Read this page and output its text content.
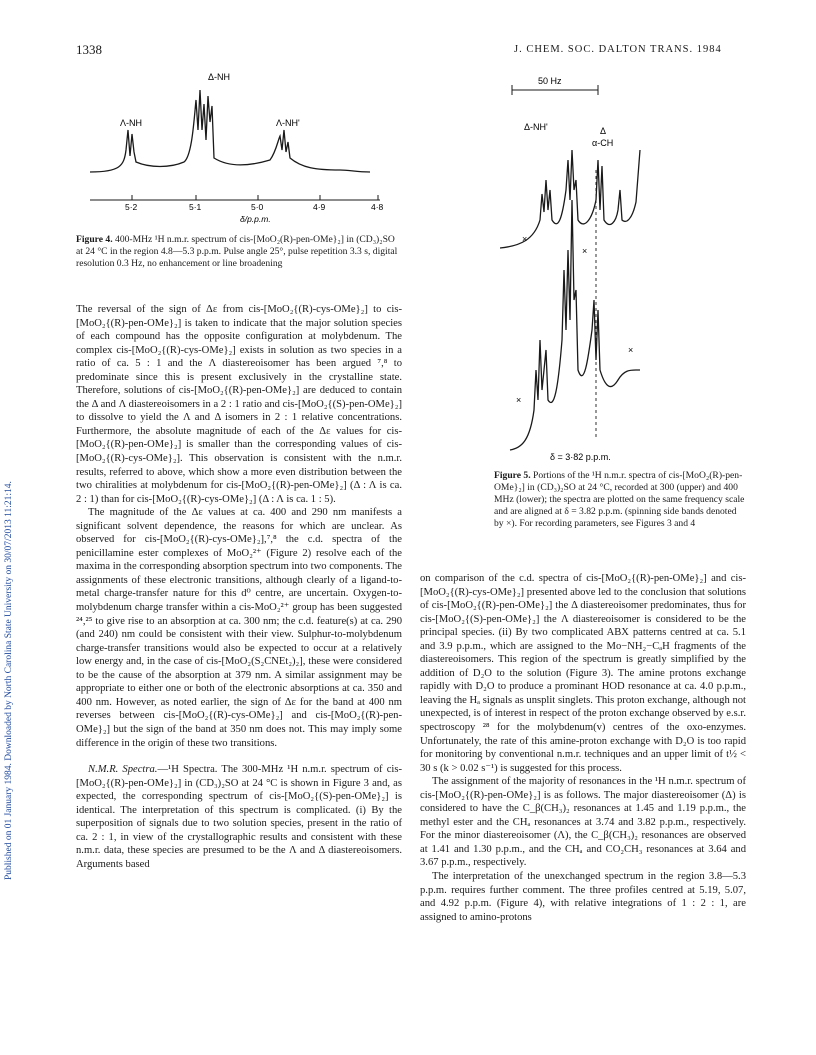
Published on 01 January 1984. Downloaded by North Carolina State University on 30/07/2013 11:21:14.
1338	J. CHEM. SOC. DALTON TRANS. 1984
Δ-NH
Λ-NH	Λ-NH'
5·2	5·1	5·0	4·9	4·8
δ/p.p.m.
Figure 4. 400-MHz ¹H n.m.r. spectrum of cis-[MoO₂(R)-pen-OMe}₂] in (CD₃)₂SO at 24 °C in the region 4.8—5.3 p.p.m. Pulse angle 25°, pulse repetition 3.3 s, digital resolution 0.3 Hz, no enhancement or line broadening
50 Hz
Δ-NH'	Δ
α-CH
×
×
×
×
δ = 3·82 p.p.m.
Figure 5. Portions of the ¹H n.m.r. spectra of cis-[MoO₂(R)-pen-OMe}₂] in (CD₃)₂SO at 24 °C, recorded at 300 (upper) and 400 MHz (lower); the spectra are plotted on the same frequency scale and are aligned at δ = 3.82 p.p.m. (spinning side bands denoted by ×). For recording parameters, see Figures 3 and 4

The reversal of the sign of Δε from cis-[MoO₂{(R)-cys-OMe}₂] to cis-[MoO₂{(R)-pen-OMe}₂] is taken to indicate that the major solution species of each compound has the opposite configuration at molybdenum. The complex cis-[MoO₂{(R)-cys-OMe}₂] exists in solution as two species in a ratio of ca. 5 : 1 and the Λ diastereoisomer has been argued ⁷,⁸ to predominate since this is present exclusively in the crystalline state. Therefore, solutions of cis-[MoO₂{(R)-pen-OMe}₂] are deduced to contain the Δ and Λ diastereoisomers in a 2 : 1 ratio and cis-[MoO₂{(S)-pen-OMe}₂] to dissolve to yield the Λ and Δ isomers in 2 : 1 relative concentrations. Furthermore, the absolute magnitude of each of the Δε values for cis-[MoO₂{(R)-pen-OMe}₂] is smaller than the corresponding values of cis-[MoO₂{(R)-cys-OMe}₂]. This observation is consistent with the n.m.r. results, referred to above, which show a more even distribution between the two chiralities at molybdenum for cis-[MoO₂{(R)-pen-OMe}₂] (Δ : Λ is ca. 2 : 1) than for cis-[MoO₂{(R)-cys-OMe}₂] (Δ : Λ is ca. 1 : 5).

The magnitude of the Δε values at ca. 400 and 290 nm manifests a significant solvent dependence, the reasons for which are unclear. As observed for cis-[MoO₂{(R)-cys-OMe}₂],⁷,⁸ the c.d. spectra of the penicillamine ester complexes of MoO₂²⁺ (Figure 2) resolve each of the maxima in the corresponding absorption spectrum into two components. The assignments of these electronic transitions, although clearly of a ligand-to-metal charge-transfer nature for this d⁰ centre, are uncertain. Oxygen-to-molybdenum charge transfer within a cis-MoO₂²⁺ group has been suggested ²⁴,²⁵ to give rise to an absorption at ca. 300 nm; the c.d. feature(s) at ca. 290 (and 240) nm could be consistent with their view. Sulphur-to-molybdenum charge-transfer transitions would also be expected to occur at a relatively low energy and, in the case of cis-[MoO₂(S₂CNEt₂)₂], these were considered to be the cause of the absorption at 379 nm. A similar assignment may be appropriate to either one or both of the electronic absorptions at ca. 350 and 400 nm. However, as noted earlier, the sign of Δε for the band at 400 nm reverses between cis-[MoO₂{(R)-cys-OMe}₂] and cis-[MoO₂{(R)-pen-OMe}₂] but the sign of the band at 350 nm does not. This may imply some difference in the origin of these two transitions.

N.M.R. Spectra.—¹H Spectra. The 300-MHz ¹H n.m.r. spectrum of cis-[MoO₂{(R)-pen-OMe}₂] in (CD₃)₂SO at 24 °C is shown in Figure 3 and, as expected, the corresponding spectrum of cis-[MoO₂{(S)-pen-OMe}₂] is identical. The interpretation of this spectrum is complicated. (i) By the superposition of signals due to two solution species, present in the ratio of ca. 2 : 1, in view of the crystallographic results and consistent with these n.m.r. data, these species are presumed to be the Λ and Δ diastereoisomers. Arguments based

on comparison of the c.d. spectra of cis-[MoO₂{(R)-pen-OMe}₂] and cis-[MoO₂{(R)-cys-OMe}₂] presented above led to the conclusion that solutions of cis-[MoO₂{(R)-pen-OMe}₂] the Δ diastereoisomer predominates, thus for cis-[MoO₂{(S)-pen-OMe}₂] the Λ diastereoisomer is considered to be the principal species. (ii) By two complicated ABX patterns centred at ca. 5.1 and 3.9 p.p.m., which are assigned to the Mo−NH₂−CₐH fragments of the diastereoisomers. This region of the spectrum is greatly simplified by the addition of D₂O to the solution (Figure 3). The amine protons exchange rapidly with D₂O to produce a prominant HOD resonance at ca. 4.0 p.p.m., leaving the Hₐ signals as unsplit singlets. This proton exchange, although not unexpected, is of interest in respect of the proton exchange observed by e.s.r. spectroscopy ²⁸ for the molybdenum(v) centres of the oxo-enzymes. Unfortunately, the rate of this amine-proton exchange with D₂O is too rapid for monitoring by conventional n.m.r. techniques and an upper limit of t½ < 30 s (k > 0.02 s⁻¹) is suggested for this process.

The assignment of the majority of resonances in the ¹H n.m.r. spectrum of cis-[MoO₂{(R)-pen-OMe}₂] is as follows. The major diastereoisomer (Δ) is considered to have the C_β(CH₃)₂ resonances at 1.45 and 1.19 p.p.m., the methyl ester and the CHₐ resonances at 3.74 and 3.82 p.p.m., respectively. For the minor diastereoisomer (Λ), the C_β(CH₃)₂ resonances are observed at 1.41 and 1.30 p.p.m., and the CHₐ and CO₂CH₃ resonances at 3.64 and 3.67 p.p.m., respectively.

The interpretation of the unexchanged spectrum in the region 3.8—5.3 p.p.m. requires further comment. The three profiles centred at 5.19, 5.07, and 4.92 p.p.m. (Figure 4), with relative integrations of 1 : 2 : 1, are assigned to amino-protons
